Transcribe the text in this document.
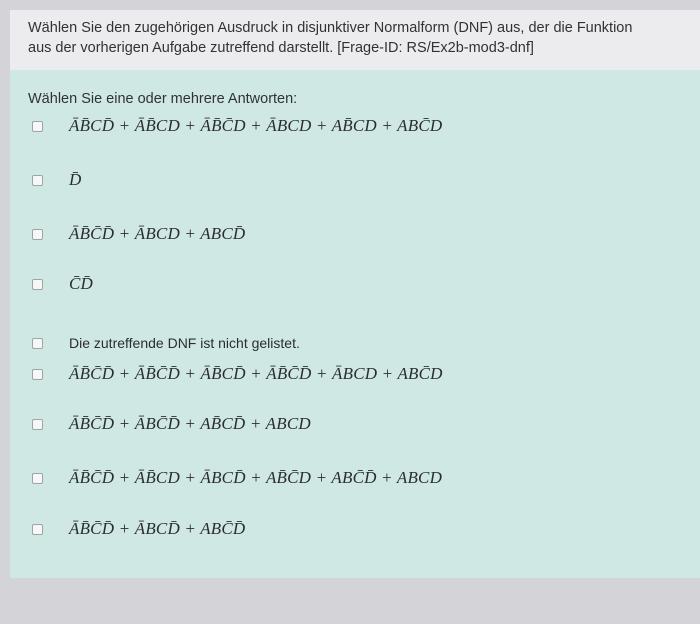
Wählen Sie den zugehörigen Ausdruck in disjunktiver Normalform (DNF) aus, der die Funktion
aus der vorherigen Aufgabe zutreffend darstellt. [Frage-ID: RS/Ex2b-mod3-dnf]
Wählen Sie eine oder mehrere Antworten:
ĀB̄CD̄ + ĀB̄CD + ĀB̄C̄D + ĀBCD + AB̄CD + ABC̄D
D̄
ĀB̄C̄D̄ + ĀBCD + ABCD̄
C̄D̄
Die zutreffende DNF ist nicht gelistet.
ĀB̄C̄D̄ + ĀB̄C̄D̄ + ĀB̄CD̄ + ĀB̄C̄D̄ + ĀBCD + ABC̄D
ĀB̄C̄D̄ + ĀBC̄D̄ + AB̄CD̄ + ABCD
ĀB̄C̄D̄ + ĀB̄CD + ĀBCD̄ + AB̄C̄D + ABC̄D̄ + ABCD
ĀB̄C̄D̄ + ĀBCD̄ + ABC̄D̄
